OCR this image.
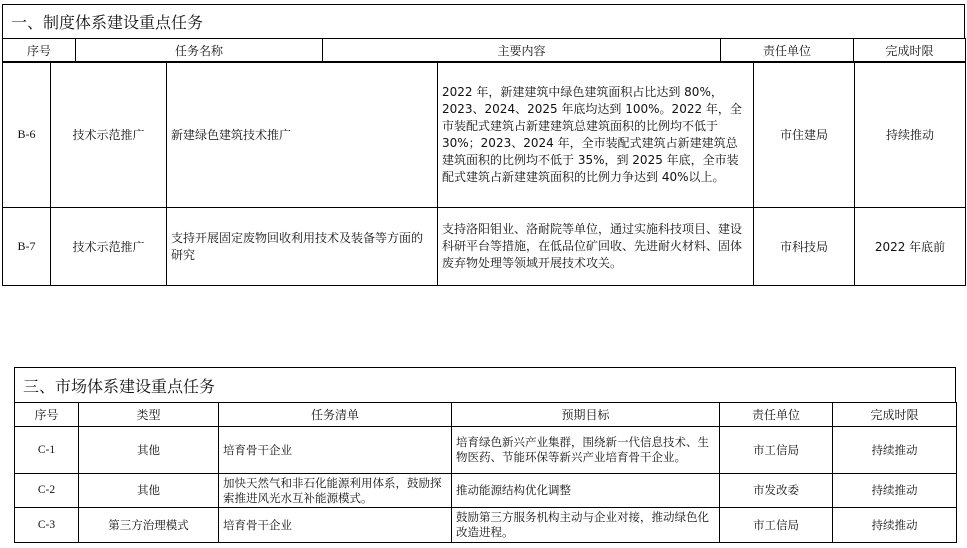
一、制度体系建设重点任务
序号	任务名称	主要内容	责任单位	完成时限
B-6	技术示范推广	新建绿色建筑技术推广	2022 年，新建建筑中绿色建筑面积占比达到 80%，2023、2024、2025 年底均达到 100%。2022 年，全市装配式建筑占新建建筑总建筑面积的比例均不低于 30%；2023、2024 年，全市装配式建筑占新建建筑总建筑面积的比例均不低于 35%，到 2025 年底，全市装配式建筑占新建建筑面积的比例力争达到 40%以上。	市住建局	持续推动
B-7	技术示范推广	支持开展固定废物回收利用技术及装备等方面的研究	支持洛阳钼业、洛耐院等单位，通过实施科技项目、建设科研平台等措施，在低品位矿回收、先进耐火材料、固体废弃物处理等领域开展技术攻关。	市科技局	2022 年底前
三、市场体系建设重点任务
序号	类型	任务清单	预期目标	责任单位	完成时限
C-1	其他	培育骨干企业	培育绿色新兴产业集群，围绕新一代信息技术、生物医药、节能环保等新兴产业培育骨干企业。	市工信局	持续推动
C-2	其他	加快天然气和非石化能源利用体系，鼓励探索推进风光水互补能源模式。	推动能源结构优化调整	市发改委	持续推动
C-3	第三方治理模式	培育骨干企业	鼓励第三方服务机构主动与企业对接，推动绿色化改造进程。	市工信局	持续推动
